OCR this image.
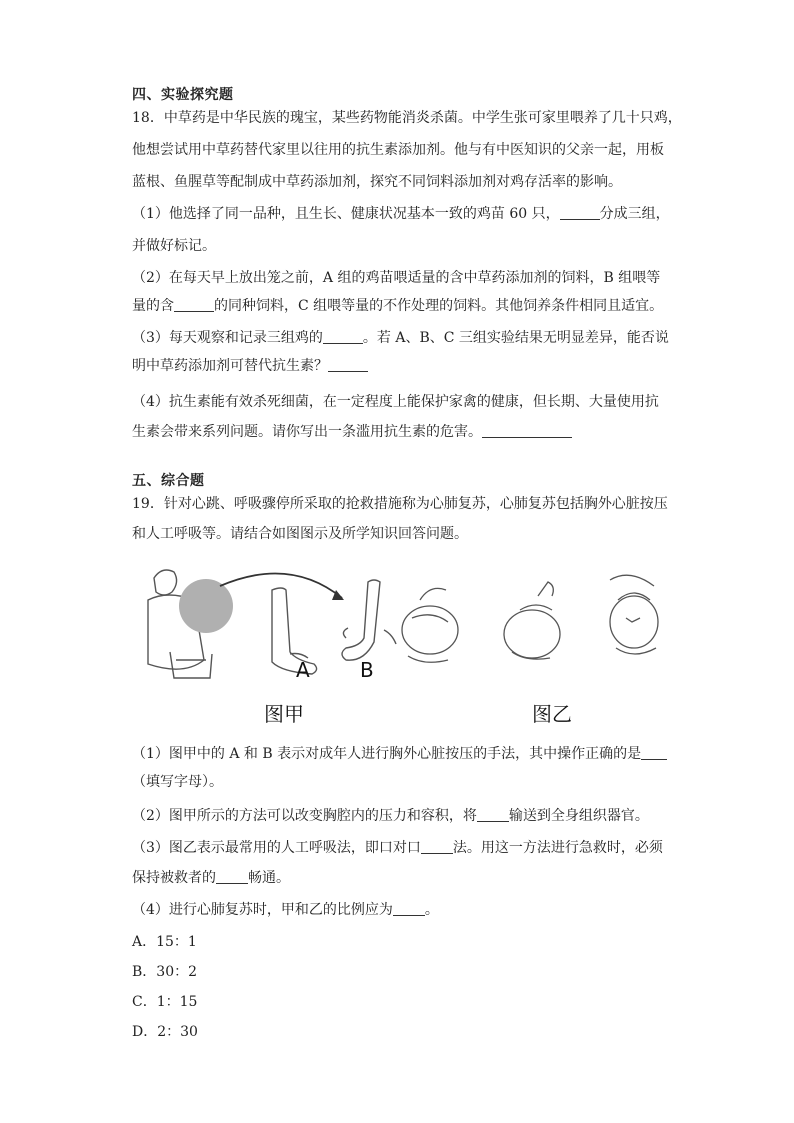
四、实验探究题
18．中草药是中华民族的瑰宝，某些药物能消炎杀菌。中学生张可家里喂养了几十只鸡，
他想尝试用中草药替代家里以往用的抗生素添加剂。他与有中医知识的父亲一起，用板
蓝根、鱼腥草等配制成中草药添加剂，探究不同饲料添加剂对鸡存活率的影响。
（1）他选择了同一品种，且生长、健康状况基本一致的鸡苗 60 只，	分成三组，
并做好标记。
（2）在每天早上放出笼之前，A 组的鸡苗喂适量的含中草药添加剂的饲料，B 组喂等
量的含	的同种饲料，C 组喂等量的不作处理的饲料。其他饲养条件相同且适宜。
（3）每天观察和记录三组鸡的	。若 A、B、C 三组实验结果无明显差异，能否说
明中草药添加剂可替代抗生素？
（4）抗生素能有效杀死细菌，在一定程度上能保护家禽的健康，但长期、大量使用抗
生素会带来系列问题。请你写出一条滥用抗生素的危害。
五、综合题
19．针对心跳、呼吸骤停所采取的抢救措施称为心肺复苏，心肺复苏包括胸外心脏按压
和人工呼吸等。请结合如图图示及所学知识回答问题。
A	B
图甲	图乙
（1）图甲中的 A 和 B 表示对成年人进行胸外心脏按压的手法，其中操作正确的是
（填写字母）。
（2）图甲所示的方法可以改变胸腔内的压力和容积，将 输送到全身组织器官。
（3）图乙表示最常用的人工呼吸法，即口对口 法。用这一方法进行急救时，必须
保持被救者的 畅通。
（4）进行心肺复苏时，甲和乙的比例应为 。
A．15：1
B．30：2
C．1：15
D．2：30
